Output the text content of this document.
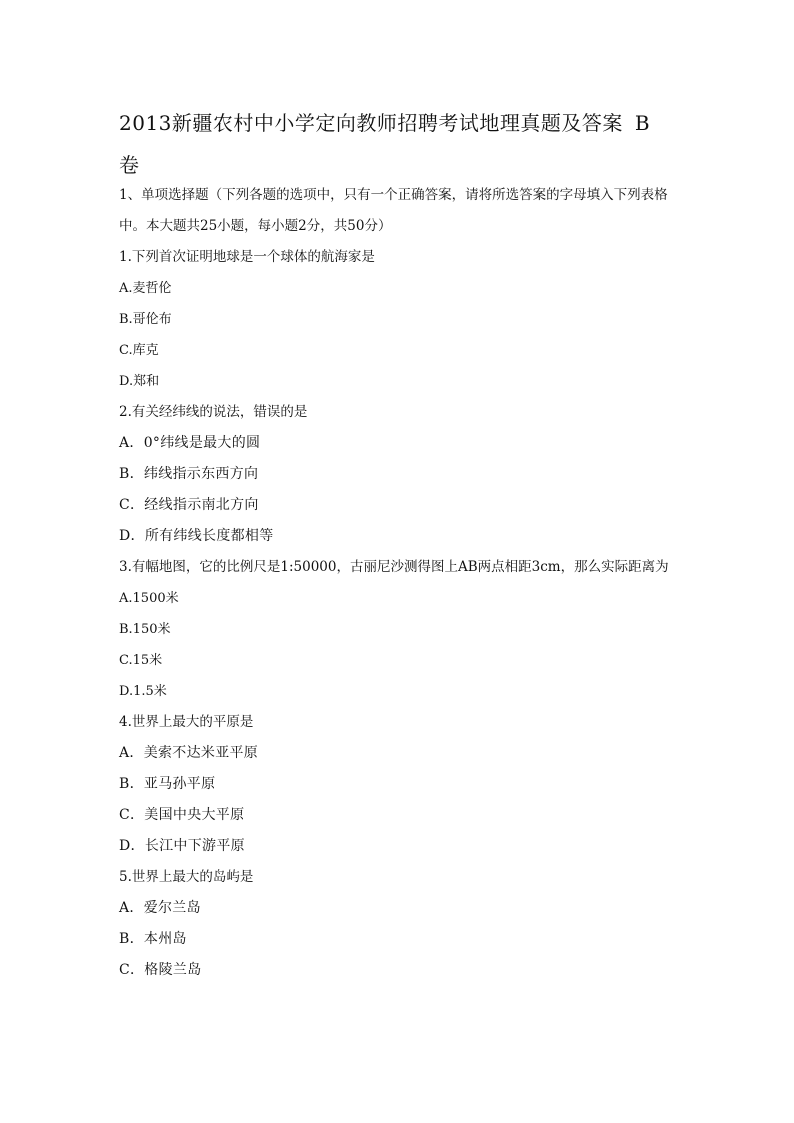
2013新疆农村中小学定向教师招聘考试地理真题及答案 B
卷
1、单项选择题（下列各题的选项中，只有一个正确答案，请将所选答案的字母填入下列表格中。本大题共25小题，每小题2分，共50分）
1.下列首次证明地球是一个球体的航海家是
A.麦哲伦
B.哥伦布
C.库克
D.郑和
2.有关经纬线的说法，错误的是
A．0°纬线是最大的圆
B．纬线指示东西方向
C．经线指示南北方向
D．所有纬线长度都相等
3.有幅地图，它的比例尺是1:50000，古丽尼沙测得图上AB两点相距3cm，那么实际距离为
A.1500米
B.150米
C.15米
D.1.5米
4.世界上最大的平原是
A．美索不达米亚平原
B．亚马孙平原
C．美国中央大平原
D．长江中下游平原
5.世界上最大的岛屿是
A．爱尔兰岛
B．本州岛
C．格陵兰岛
